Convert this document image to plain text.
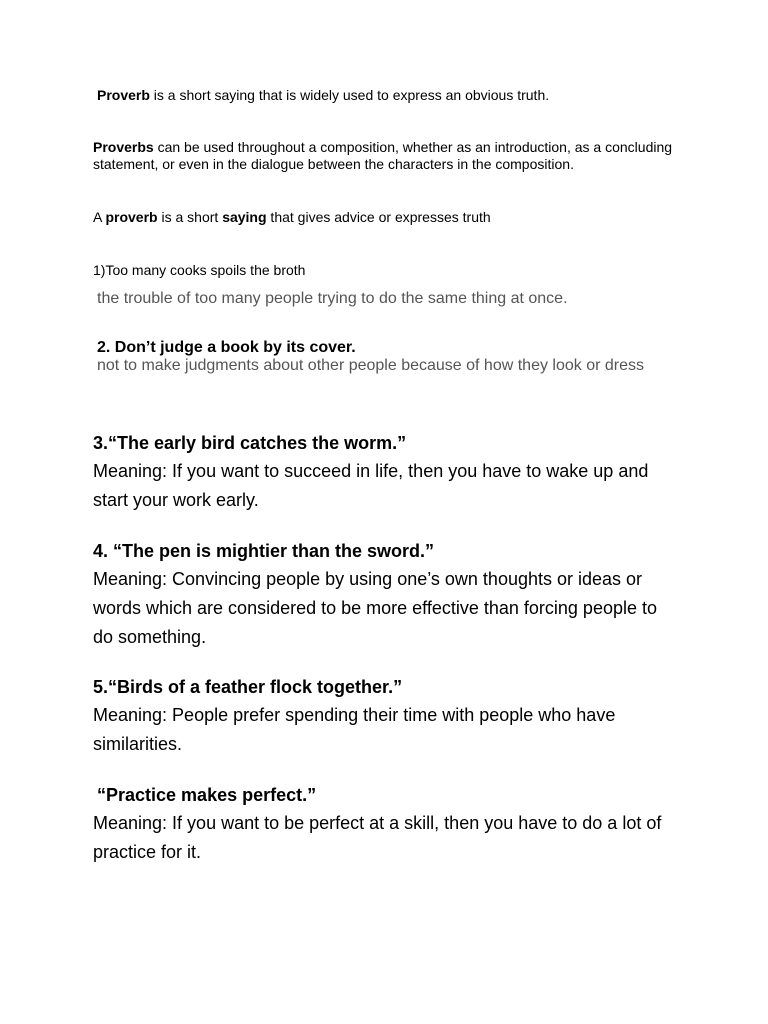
Proverb is a short saying that is widely used to express an obvious truth.
Proverbs can be used throughout a composition, whether as an introduction, as a concluding statement, or even in the dialogue between the characters in the composition.
A proverb is a short saying that gives advice or expresses truth
1)Too many cooks spoils the broth
the trouble of too many people trying to do the same thing at once.
2. Don’t judge a book by its cover.
not to make judgments about other people because of how they look or dress
3.“The early bird catches the worm.”
Meaning: If you want to succeed in life, then you have to wake up and start your work early.
4. “The pen is mightier than the sword.”
Meaning: Convincing people by using one’s own thoughts or ideas or words which are considered to be more effective than forcing people to do something.
5.“Birds of a feather flock together.”
Meaning: People prefer spending their time with people who have similarities.
“Practice makes perfect.”
Meaning: If you want to be perfect at a skill, then you have to do a lot of practice for it.
